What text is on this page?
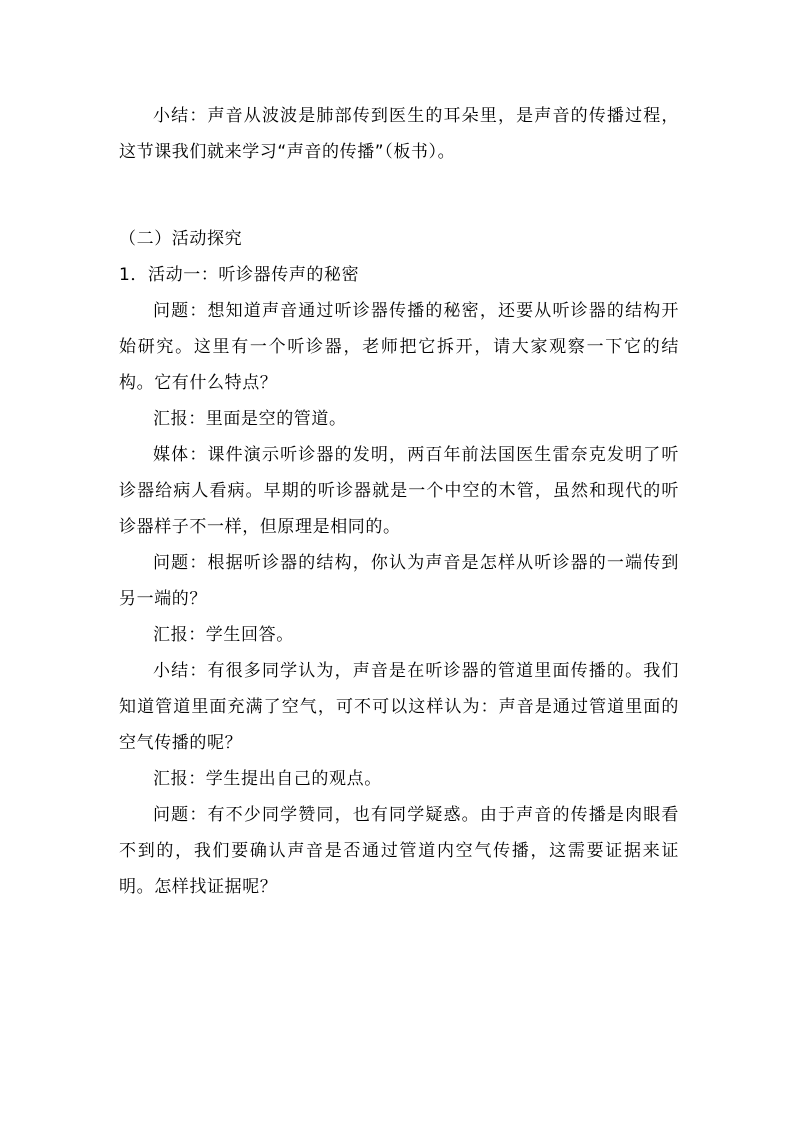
小结：声音从波波是肺部传到医生的耳朵里，是声音的传播过程，这节课我们就来学习“声音的传播”（板书）。

（二）活动探究

1．活动一：听诊器传声的秘密

问题：想知道声音通过听诊器传播的秘密，还要从听诊器的结构开始研究。这里有一个听诊器，老师把它拆开，请大家观察一下它的结构。它有什么特点？

汇报：里面是空的管道。

媒体：课件演示听诊器的发明，两百年前法国医生雷奈克发明了听诊器给病人看病。早期的听诊器就是一个中空的木管，虽然和现代的听诊器样子不一样，但原理是相同的。

问题：根据听诊器的结构，你认为声音是怎样从听诊器的一端传到另一端的？

汇报：学生回答。

小结：有很多同学认为，声音是在听诊器的管道里面传播的。我们知道管道里面充满了空气，可不可以这样认为：声音是通过管道里面的空气传播的呢？

汇报：学生提出自己的观点。

问题：有不少同学赞同，也有同学疑惑。由于声音的传播是肉眼看不到的，我们要确认声音是否通过管道内空气传播，这需要证据来证明。怎样找证据呢？
